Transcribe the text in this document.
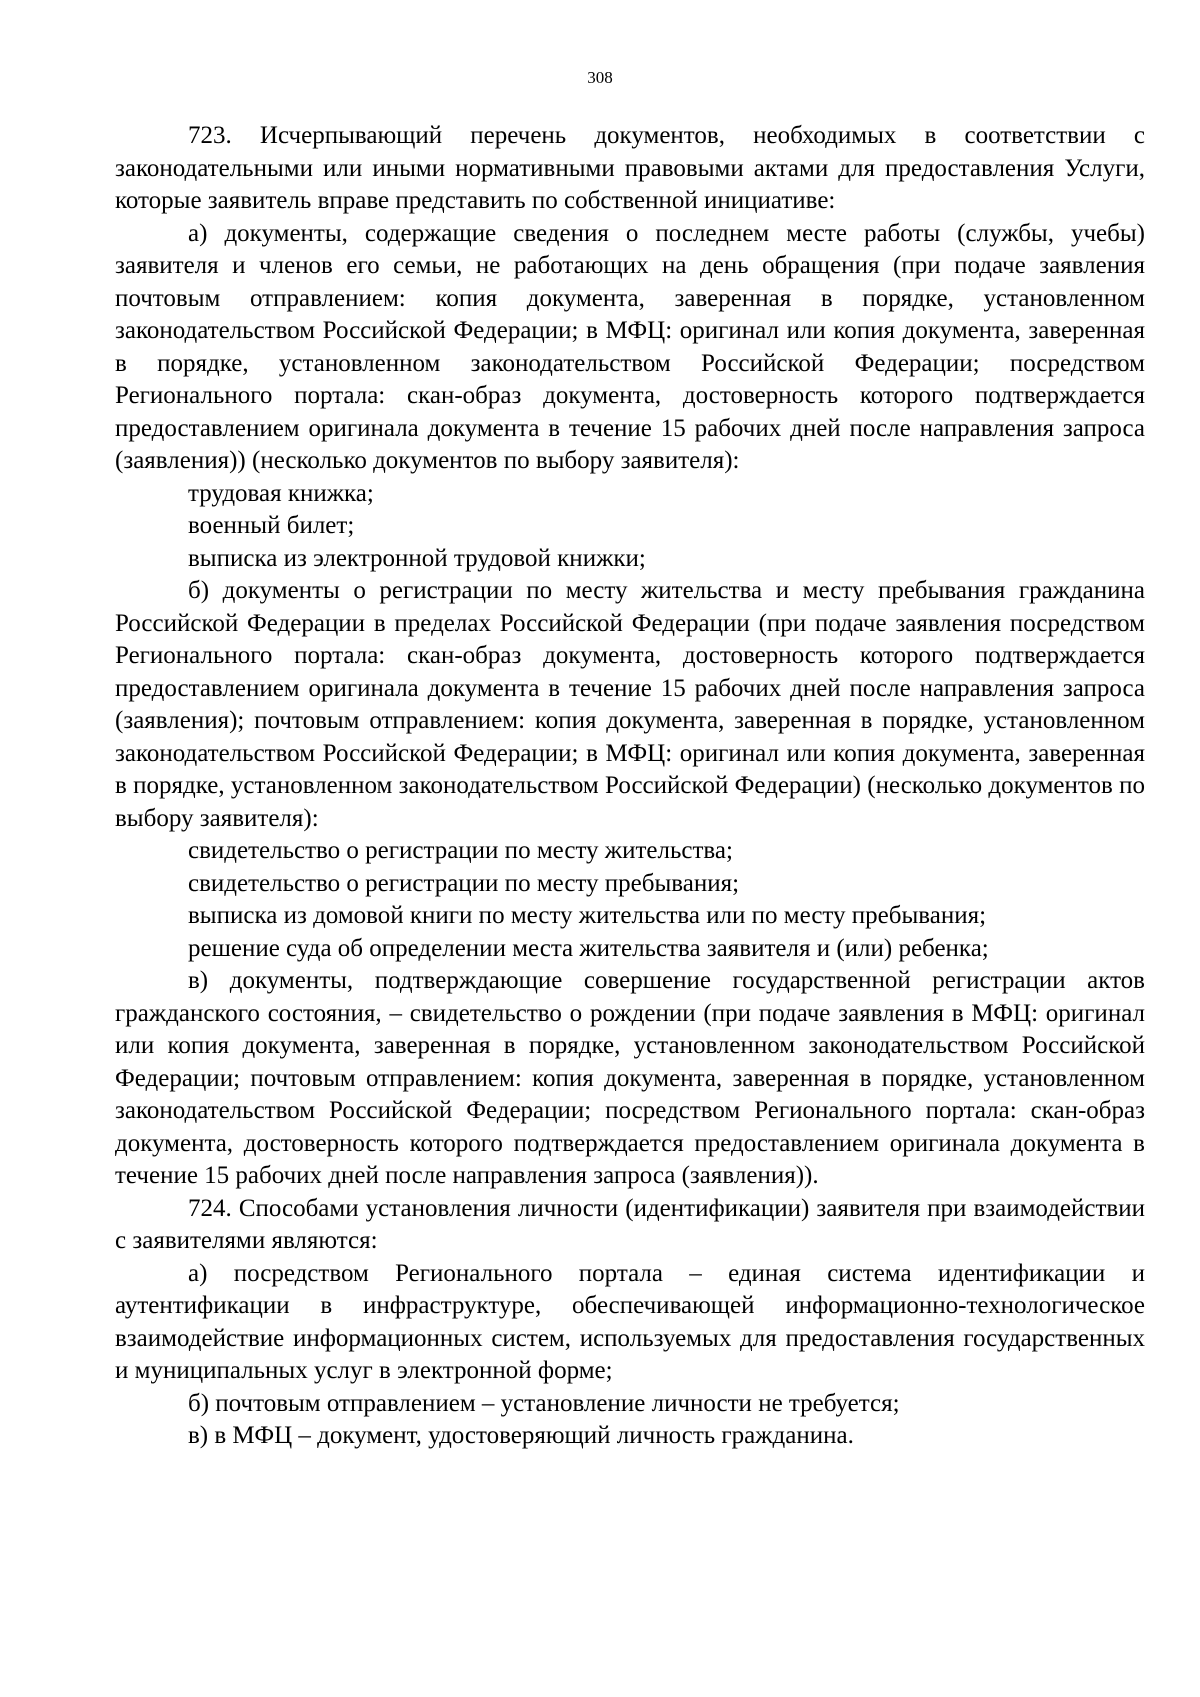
308

723. Исчерпывающий перечень документов, необходимых в соответствии с законодательными или иными нормативными правовыми актами для предоставления Услуги, которые заявитель вправе представить по собственной инициативе:

а) документы, содержащие сведения о последнем месте работы (службы, учебы) заявителя и членов его семьи, не работающих на день обращения (при подаче заявления почтовым отправлением: копия документа, заверенная в порядке, установленном законодательством Российской Федерации; в МФЦ: оригинал или копия документа, заверенная в порядке, установленном законодательством Российской Федерации; посредством Регионального портала: скан-образ документа, достоверность которого подтверждается предоставлением оригинала документа в течение 15 рабочих дней после направления запроса (заявления)) (несколько документов по выбору заявителя):

трудовая книжка;

военный билет;

выписка из электронной трудовой книжки;

б) документы о регистрации по месту жительства и месту пребывания гражданина Российской Федерации в пределах Российской Федерации (при подаче заявления посредством Регионального портала: скан-образ документа, достоверность которого подтверждается предоставлением оригинала документа в течение 15 рабочих дней после направления запроса (заявления); почтовым отправлением: копия документа, заверенная в порядке, установленном законодательством Российской Федерации; в МФЦ: оригинал или копия документа, заверенная в порядке, установленном законодательством Российской Федерации) (несколько документов по выбору заявителя):

свидетельство о регистрации по месту жительства;

свидетельство о регистрации по месту пребывания;

выписка из домовой книги по месту жительства или по месту пребывания;

решение суда об определении места жительства заявителя и (или) ребенка;

в) документы, подтверждающие совершение государственной регистрации актов гражданского состояния, – свидетельство о рождении (при подаче заявления в МФЦ: оригинал или копия документа, заверенная в порядке, установленном законодательством Российской Федерации; почтовым отправлением: копия документа, заверенная в порядке, установленном законодательством Российской Федерации; посредством Регионального портала: скан-образ документа, достоверность которого подтверждается предоставлением оригинала документа в течение 15 рабочих дней после направления запроса (заявления)).

724. Способами установления личности (идентификации) заявителя при взаимодействии с заявителями являются:

а) посредством Регионального портала – единая система идентификации и аутентификации в инфраструктуре, обеспечивающей информационно-технологическое взаимодействие информационных систем, используемых для предоставления государственных и муниципальных услуг в электронной форме;

б) почтовым отправлением – установление личности не требуется;

в) в МФЦ – документ, удостоверяющий личность гражданина.
